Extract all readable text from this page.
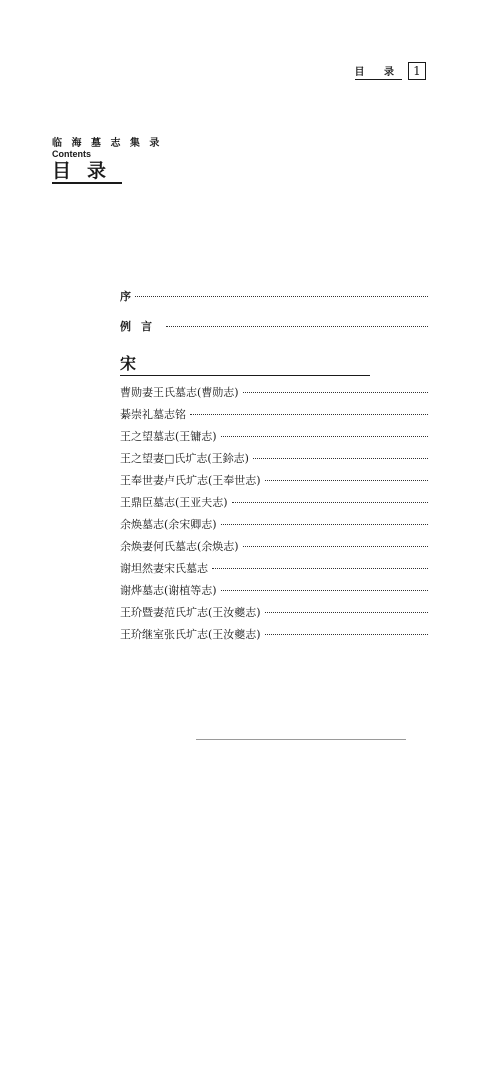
目 录 1
临 海 墓 志 集 录
Contents
目录
序
例言
宋
曹勋妻王氏墓志(曹勋志)
綦崇礼墓志铭
王之望墓志(王镛志)
王之望妻□氏圹志(王鉩志)
王奉世妻卢氏圹志(王奉世志)
王鼎臣墓志(王亚夫志)
余焕墓志(余宋卿志)
余焕妻何氏墓志(余焕志)
谢坦然妻宋氏墓志
谢烨墓志(谢植等志)
王玠暨妻范氏圹志(王汝夔志)
王玠继室张氏圹志(王汝夔志)
